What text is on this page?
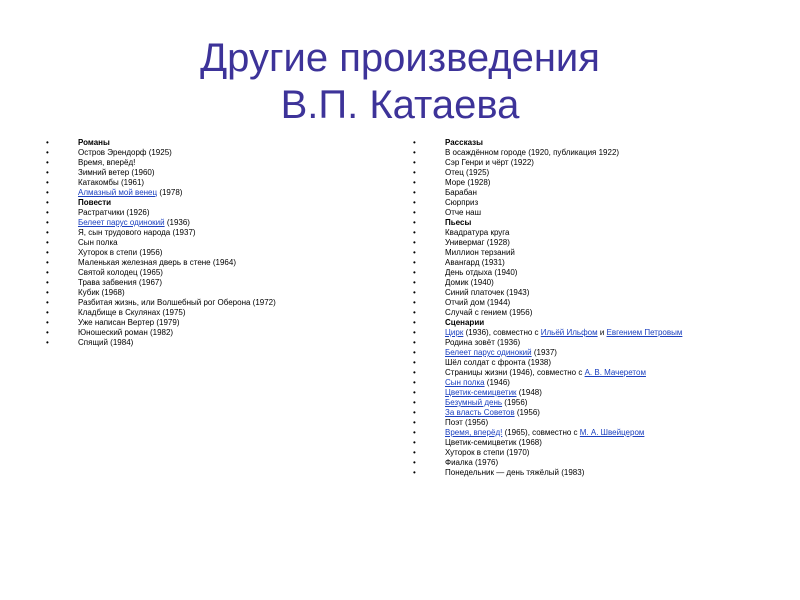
Другие произведения
В.П. Катаева
•	Романы
•	Остров Эрендорф (1925)
•	Время, вперёд!
•	Зимний ветер (1960)
•	Катакомбы (1961)
•	Алмазный мой венец (1978)
•	Повести
•	Растратчики (1926)
•	Белеет парус одинокий (1936)
•	Я, сын трудового народа (1937)
•	Сын полка
•	Хуторок в степи (1956)
•	Маленькая железная дверь в стене (1964)
•	Святой колодец (1965)
•	Трава забвения (1967)
•	Кубик (1968)
•	Разбитая жизнь, или Волшебный рог Оберона (1972)
•	Кладбище в Скулянах (1975)
•	Уже написан Вертер (1979)
•	Юношеский роман (1982)
•	Спящий (1984)
•	Рассказы
•	В осаждённом городе (1920, публикация 1922)
•	Сэр Генри и чёрт (1922)
•	Отец (1925)
•	Море (1928)
•	Барабан
•	Сюрприз
•	Отче наш
•	Пьесы
•	Квадратура круга
•	Универмаг (1928)
•	Миллион терзаний
•	Авангард (1931)
•	День отдыха (1940)
•	Домик (1940)
•	Синий платочек (1943)
•	Отчий дом (1944)
•	Случай с гением (1956)
•	Сценарии
•	Цирк (1936), совместно с Ильёй Ильфом и Евгением Петровым
•	Родина зовёт (1936)
•	Белеет парус одинокий (1937)
•	Шёл солдат с фронта (1938)
•	Страницы жизни (1946), совместно с А. В. Мачеретом
•	Сын полка (1946)
•	Цветик-семицветик (1948)
•	Безумный день (1956)
•	За власть Советов (1956)
•	Поэт (1956)
•	Время, вперёд! (1965), совместно с М. А. Швейцером
•	Цветик-семицветик (1968)
•	Хуторок в степи (1970)
•	Фиалка (1976)
•	Понедельник — день тяжёлый (1983)
